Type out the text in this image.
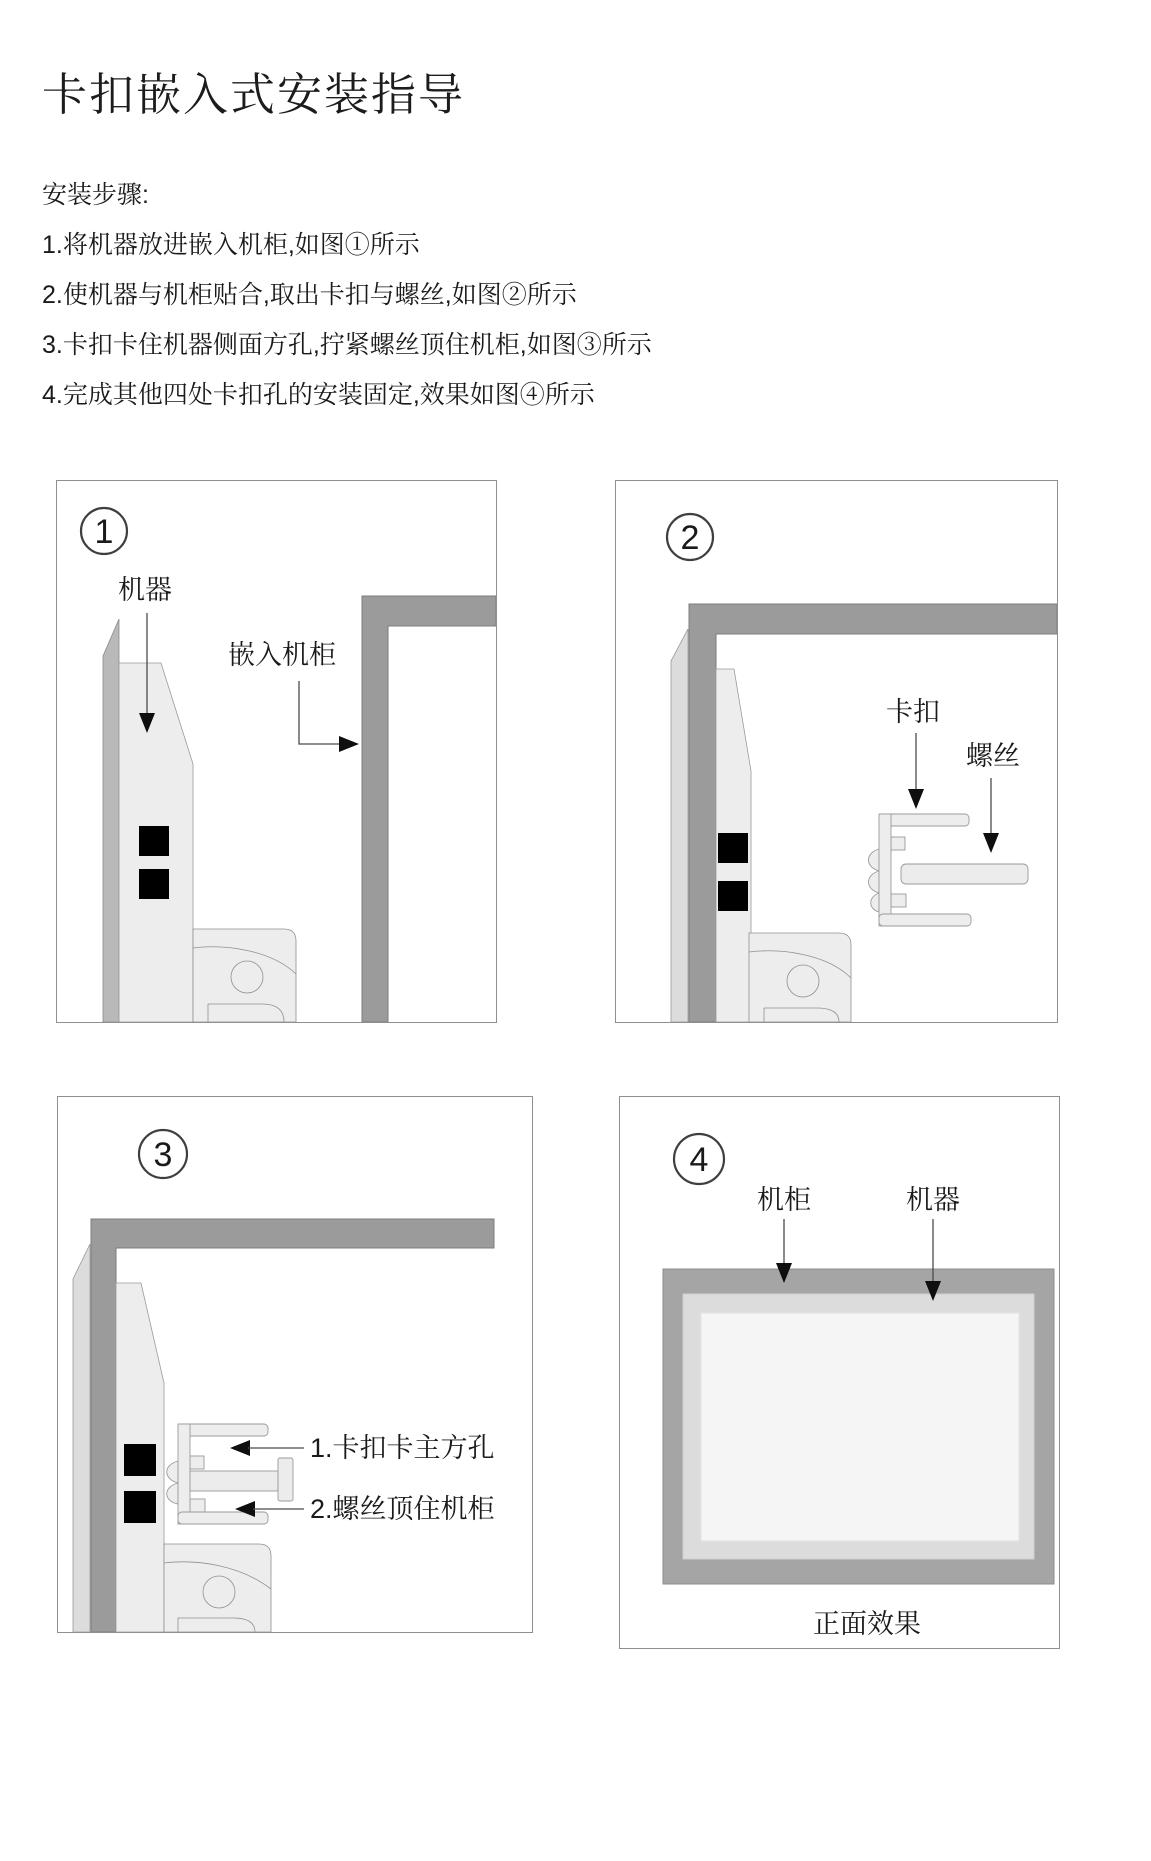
卡扣嵌入式安装指导
安装步骤:
1.将机器放进嵌入机柜,如图①所示
2.使机器与机柜贴合,取出卡扣与螺丝,如图②所示
3.卡扣卡住机器侧面方孔,拧紧螺丝顶住机柜,如图③所示
4.完成其他四处卡扣孔的安装固定,效果如图④所示
1
机器
嵌入机柜
2
卡扣
螺丝
3
1.卡扣卡主方孔
2.螺丝顶住机柜
4
机柜	机器
正面效果
